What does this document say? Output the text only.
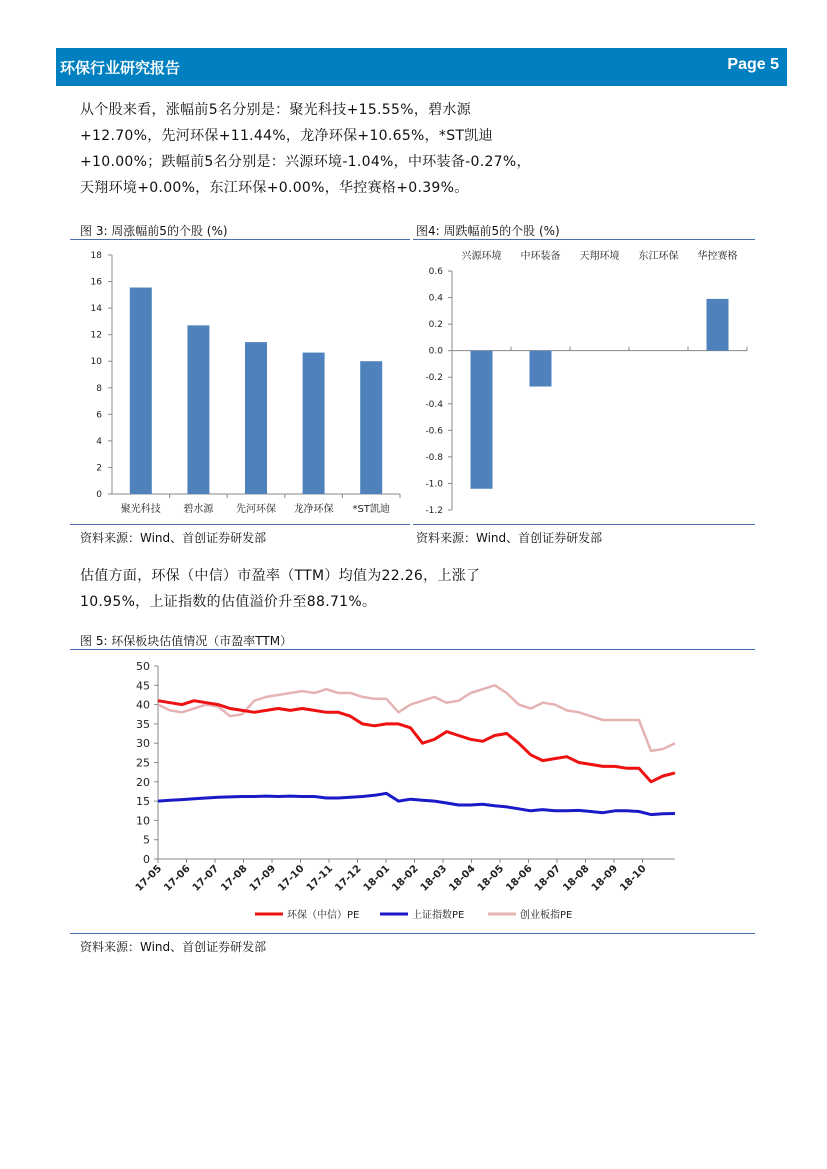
环保行业研究报告	Page 5
从个股来看，涨幅前5名分别是：聚光科技+15.55%，碧水源
+12.70%，先河环保+11.44%，龙净环保+10.65%，*ST凯迪
+10.00%；跌幅前5名分别是：兴源环境-1.04%，中环装备-0.27%，
天翔环境+0.00%，东江环保+0.00%，华控赛格+0.39%。
图 3: 周涨幅前5的个股 (%)	图4: 周跌幅前5的个股 (%)
0
2
4
6
8
10
12
14
16
18
聚光科技 碧水源 先河环保 龙净环保 *ST凯迪
0.6
0.4
0.2
0.0
-0.2
-0.4
-0.6
-0.8
-1.0
-1.2
兴源环境 中环装备 天翔环境 东江环保 华控赛格
资料来源：Wind、首创证券研发部	资料来源：Wind、首创证券研发部
估值方面，环保（中信）市盈率（TTM）均值为22.26，上涨了
10.95%，上证指数的估值溢价升至88.71%。
图 5: 环保板块估值情况（市盈率TTM）
0
5
10
15
20
25
30
35
40
45
50
17-05
17-06
17-07
17-08
17-09
17-10
17-11
17-12
18-01
18-02
18-03
18-04
18-05
18-06
18-07
18-08
18-09
18-10
环保（中信）PE	上证指数PE	创业板指PE
资料来源：Wind、首创证券研发部
